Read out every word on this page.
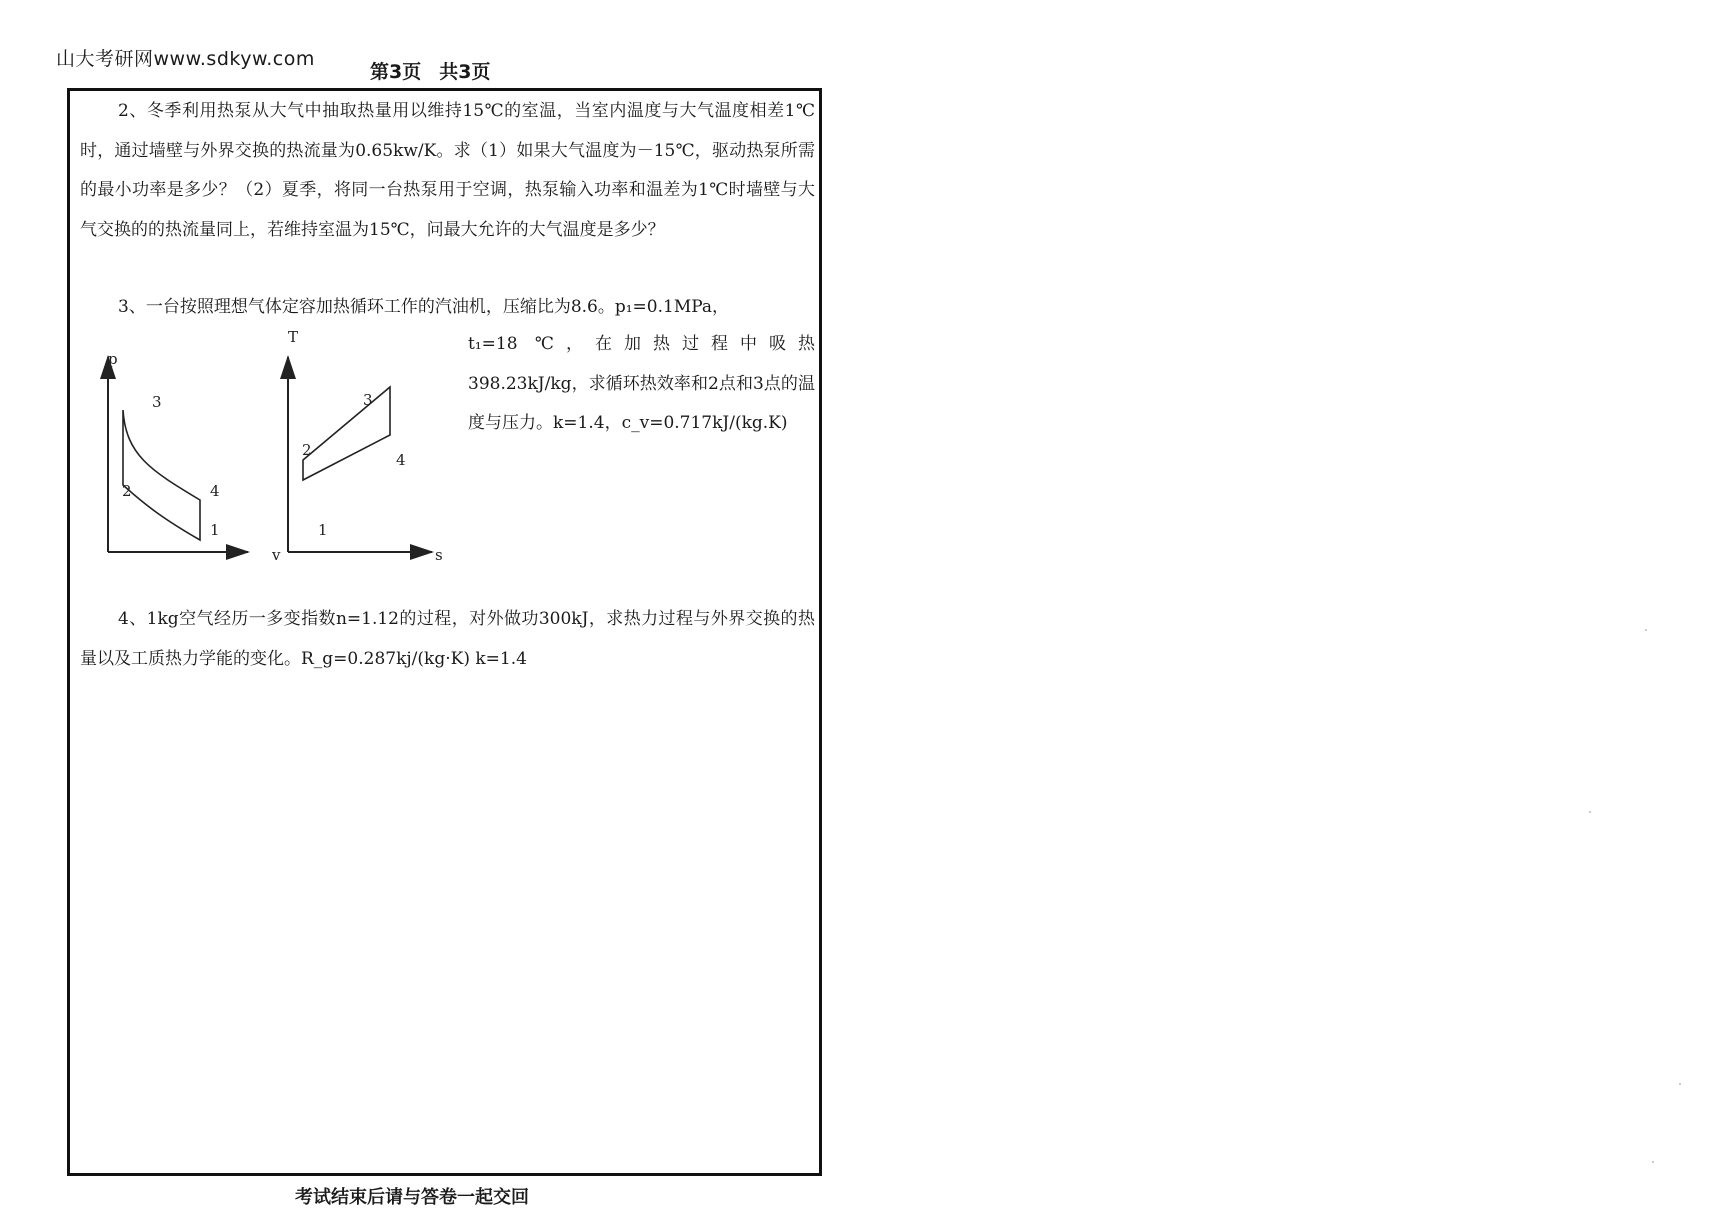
山大考研网www.sdkyw.com
第3页 共3页
2、冬季利用热泵从大气中抽取热量用以维持15℃的室温，当室内温度与大气温度相差1℃时，通过墙壁与外界交换的热流量为0.65kw/K。求（1）如果大气温度为－15℃，驱动热泵所需的最小功率是多少？（2）夏季，将同一台热泵用于空调，热泵输入功率和温差为1℃时墙壁与大气交换的的热流量同上，若维持室温为15℃，问最大允许的大气温度是多少？
3、一台按照理想气体定容加热循环工作的汽油机，压缩比为8.6。p₁=0.1MPa，
t₁=18 ℃，在加热过程中吸热398.23kJ/kg，求循环热效率和2点和3点的温度与压力。k=1.4，c_v=0.717kJ/(kg.K)
p
v
3
2	4
1
T
s
3
2
4
1
4、1kg空气经历一多变指数n=1.12的过程，对外做功300kJ，求热力过程与外界交换的热量以及工质热力学能的变化。R_g=0.287kj/(kg·K) k=1.4
考试结束后请与答卷一起交回
